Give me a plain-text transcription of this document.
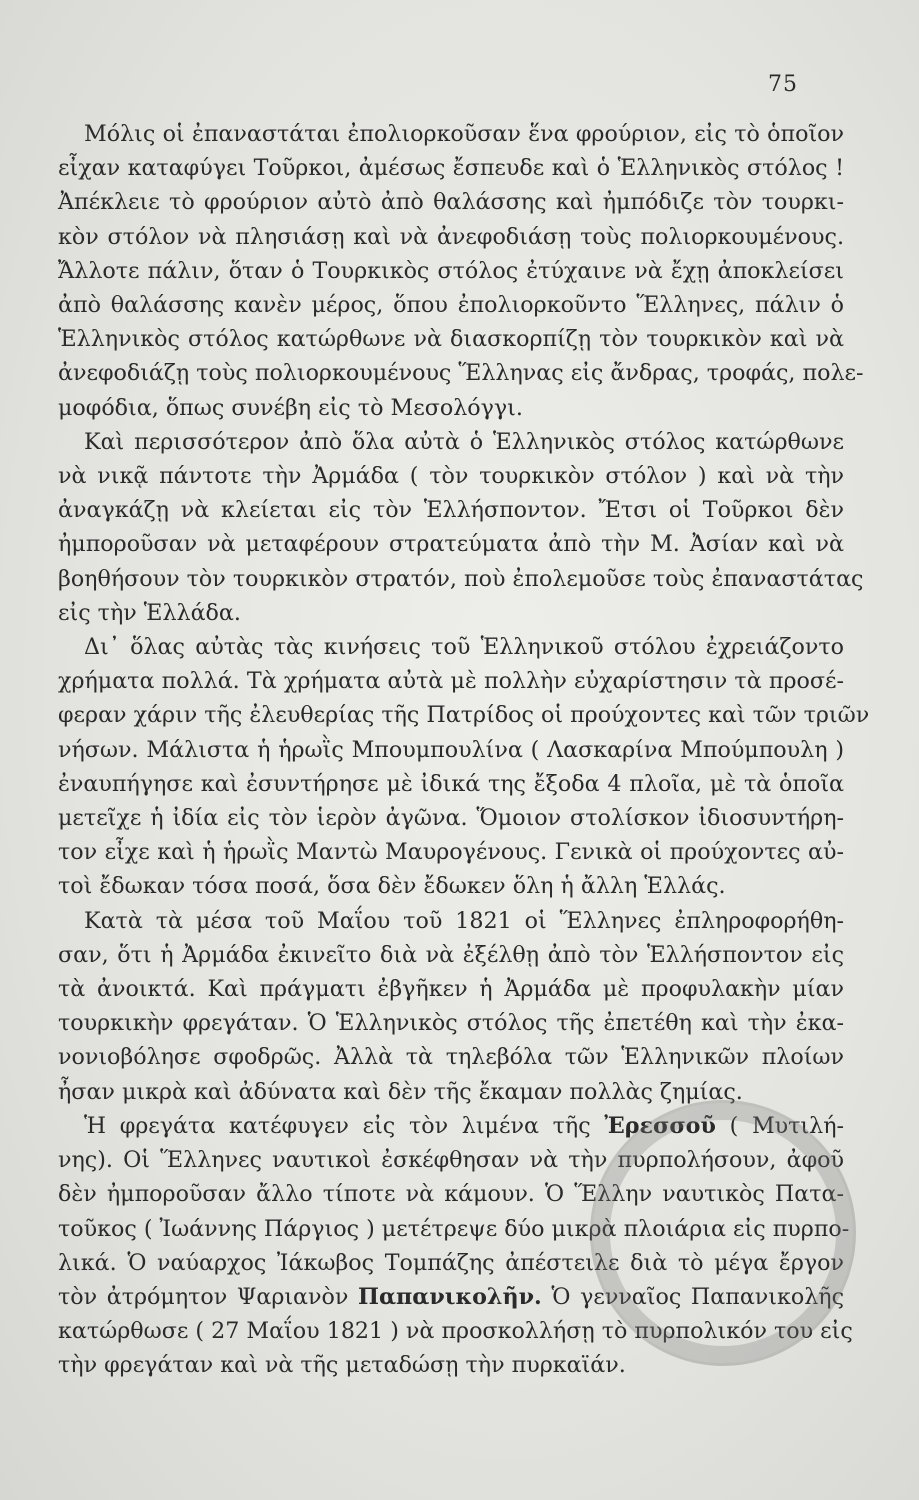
75
Μόλις οἱ ἐπαναστάται ἐπολιορκοῦσαν ἕνα φρούριον, εἰς τὸ ὁποῖον
εἶχαν καταφύγει Τοῦρκοι, ἀμέσως ἔσπευδε καὶ ὁ Ἑλληνικὸς στόλος !
Ἀπέκλειε τὸ φρούριον αὐτὸ ἀπὸ θαλάσσης καὶ ἠμπόδιζε τὸν τουρκι-
κὸν στόλον νὰ πλησιάσῃ καὶ νὰ ἀνεφοδιάσῃ τοὺς πολιορκουμένους.
Ἄλλοτε πάλιν, ὅταν ὁ Τουρκικὸς στόλος ἐτύχαινε νὰ ἔχῃ ἀποκλείσει
ἀπὸ θαλάσσης κανὲν μέρος, ὅπου ἐπολιορκοῦντο Ἕλληνες, πάλιν ὁ
Ἑλληνικὸς στόλος κατώρθωνε νὰ διασκορπίζῃ τὸν τουρκικὸν καὶ νὰ
ἀνεφοδιάζῃ τοὺς πολιορκουμένους Ἕλληνας εἰς ἄνδρας, τροφάς, πολε-
μοφόδια, ὅπως συνέβη εἰς τὸ Μεσολόγγι.
Καὶ περισσότερον ἀπὸ ὅλα αὐτὰ ὁ Ἑλληνικὸς στόλος κατώρθωνε
νὰ νικᾷ πάντοτε τὴν Ἀρμάδα ( τὸν τουρκικὸν στόλον ) καὶ νὰ τὴν
ἀναγκάζῃ νὰ κλείεται εἰς τὸν Ἑλλήσποντον. Ἔτσι οἱ Τοῦρκοι δὲν
ἠμποροῦσαν νὰ μεταφέρουν στρατεύματα ἀπὸ τὴν Μ. Ἀσίαν καὶ νὰ
βοηθήσουν τὸν τουρκικὸν στρατόν, ποὺ ἐπολεμοῦσε τοὺς ἐπαναστάτας
εἰς τὴν Ἑλλάδα.
Δι᾽ ὅλας αὐτὰς τὰς κινήσεις τοῦ Ἑλληνικοῦ στόλου ἐχρειάζοντο
χρήματα πολλά. Τὰ χρήματα αὐτὰ μὲ πολλὴν εὐχαρίστησιν τὰ προσέ-
φεραν χάριν τῆς ἐλευθερίας τῆς Πατρίδος οἱ προύχοντες καὶ τῶν τριῶν
νήσων. Μάλιστα ἡ ἡρωῒς Μπουμπουλίνα ( Λασκαρίνα Μπούμπουλη )
ἐναυπήγησε καὶ ἐσυντήρησε μὲ ἰδικά της ἔξοδα 4 πλοῖα, μὲ τὰ ὁποῖα
μετεῖχε ἡ ἰδία εἰς τὸν ἱερὸν ἀγῶνα. Ὅμοιον στολίσκον ἰδιοσυντήρη-
τον εἶχε καὶ ἡ ἡρωῒς Μαντὼ Μαυρογένους. Γενικὰ οἱ προύχοντες αὐ-
τοὶ ἔδωκαν τόσα ποσά, ὅσα δὲν ἔδωκεν ὅλη ἡ ἄλλη Ἑλλάς.
Κατὰ τὰ μέσα τοῦ Μαΐου τοῦ 1821 οἱ Ἕλληνες ἐπληροφορήθη-
σαν, ὅτι ἡ Ἀρμάδα ἐκινεῖτο διὰ νὰ ἐξέλθῃ ἀπὸ τὸν Ἑλλήσποντον εἰς
τὰ ἀνοικτά. Καὶ πράγματι ἐβγῆκεν ἡ Ἀρμάδα μὲ προφυλακὴν μίαν
τουρκικὴν φρεγάταν. Ὁ Ἑλληνικὸς στόλος τῆς ἐπετέθη καὶ τὴν ἐκα-
νονιοβόλησε σφοδρῶς. Ἀλλὰ τὰ τηλεβόλα τῶν Ἑλληνικῶν πλοίων
ἦσαν μικρὰ καὶ ἀδύνατα καὶ δὲν τῆς ἔκαμαν πολλὰς ζημίας.
Ἡ φρεγάτα κατέφυγεν εἰς τὸν λιμένα τῆς Ἐρεσσοῦ ( Μυτιλή-
νης). Οἱ Ἕλληνες ναυτικοὶ ἐσκέφθησαν νὰ τὴν πυρπολήσουν, ἀφοῦ
δὲν ἠμποροῦσαν ἄλλο τίποτε νὰ κάμουν. Ὁ Ἕλλην ναυτικὸς Πατα-
τοῦκος ( Ἰωάννης Πάργιος ) μετέτρεψε δύο μικρὰ πλοιάρια εἰς πυρπο-
λικά. Ὁ ναύαρχος Ἰάκωβος Τομπάζης ἀπέστειλε διὰ τὸ μέγα ἔργον
τὸν ἀτρόμητον Ψαριανὸν Παπανικολῆν. Ὁ γενναῖος Παπανικολῆς
κατώρθωσε ( 27 Μαΐου 1821 ) νὰ προσκολλήσῃ τὸ πυρπολικόν του εἰς
τὴν φρεγάταν καὶ νὰ τῆς μεταδώσῃ τὴν πυρκαϊάν.
